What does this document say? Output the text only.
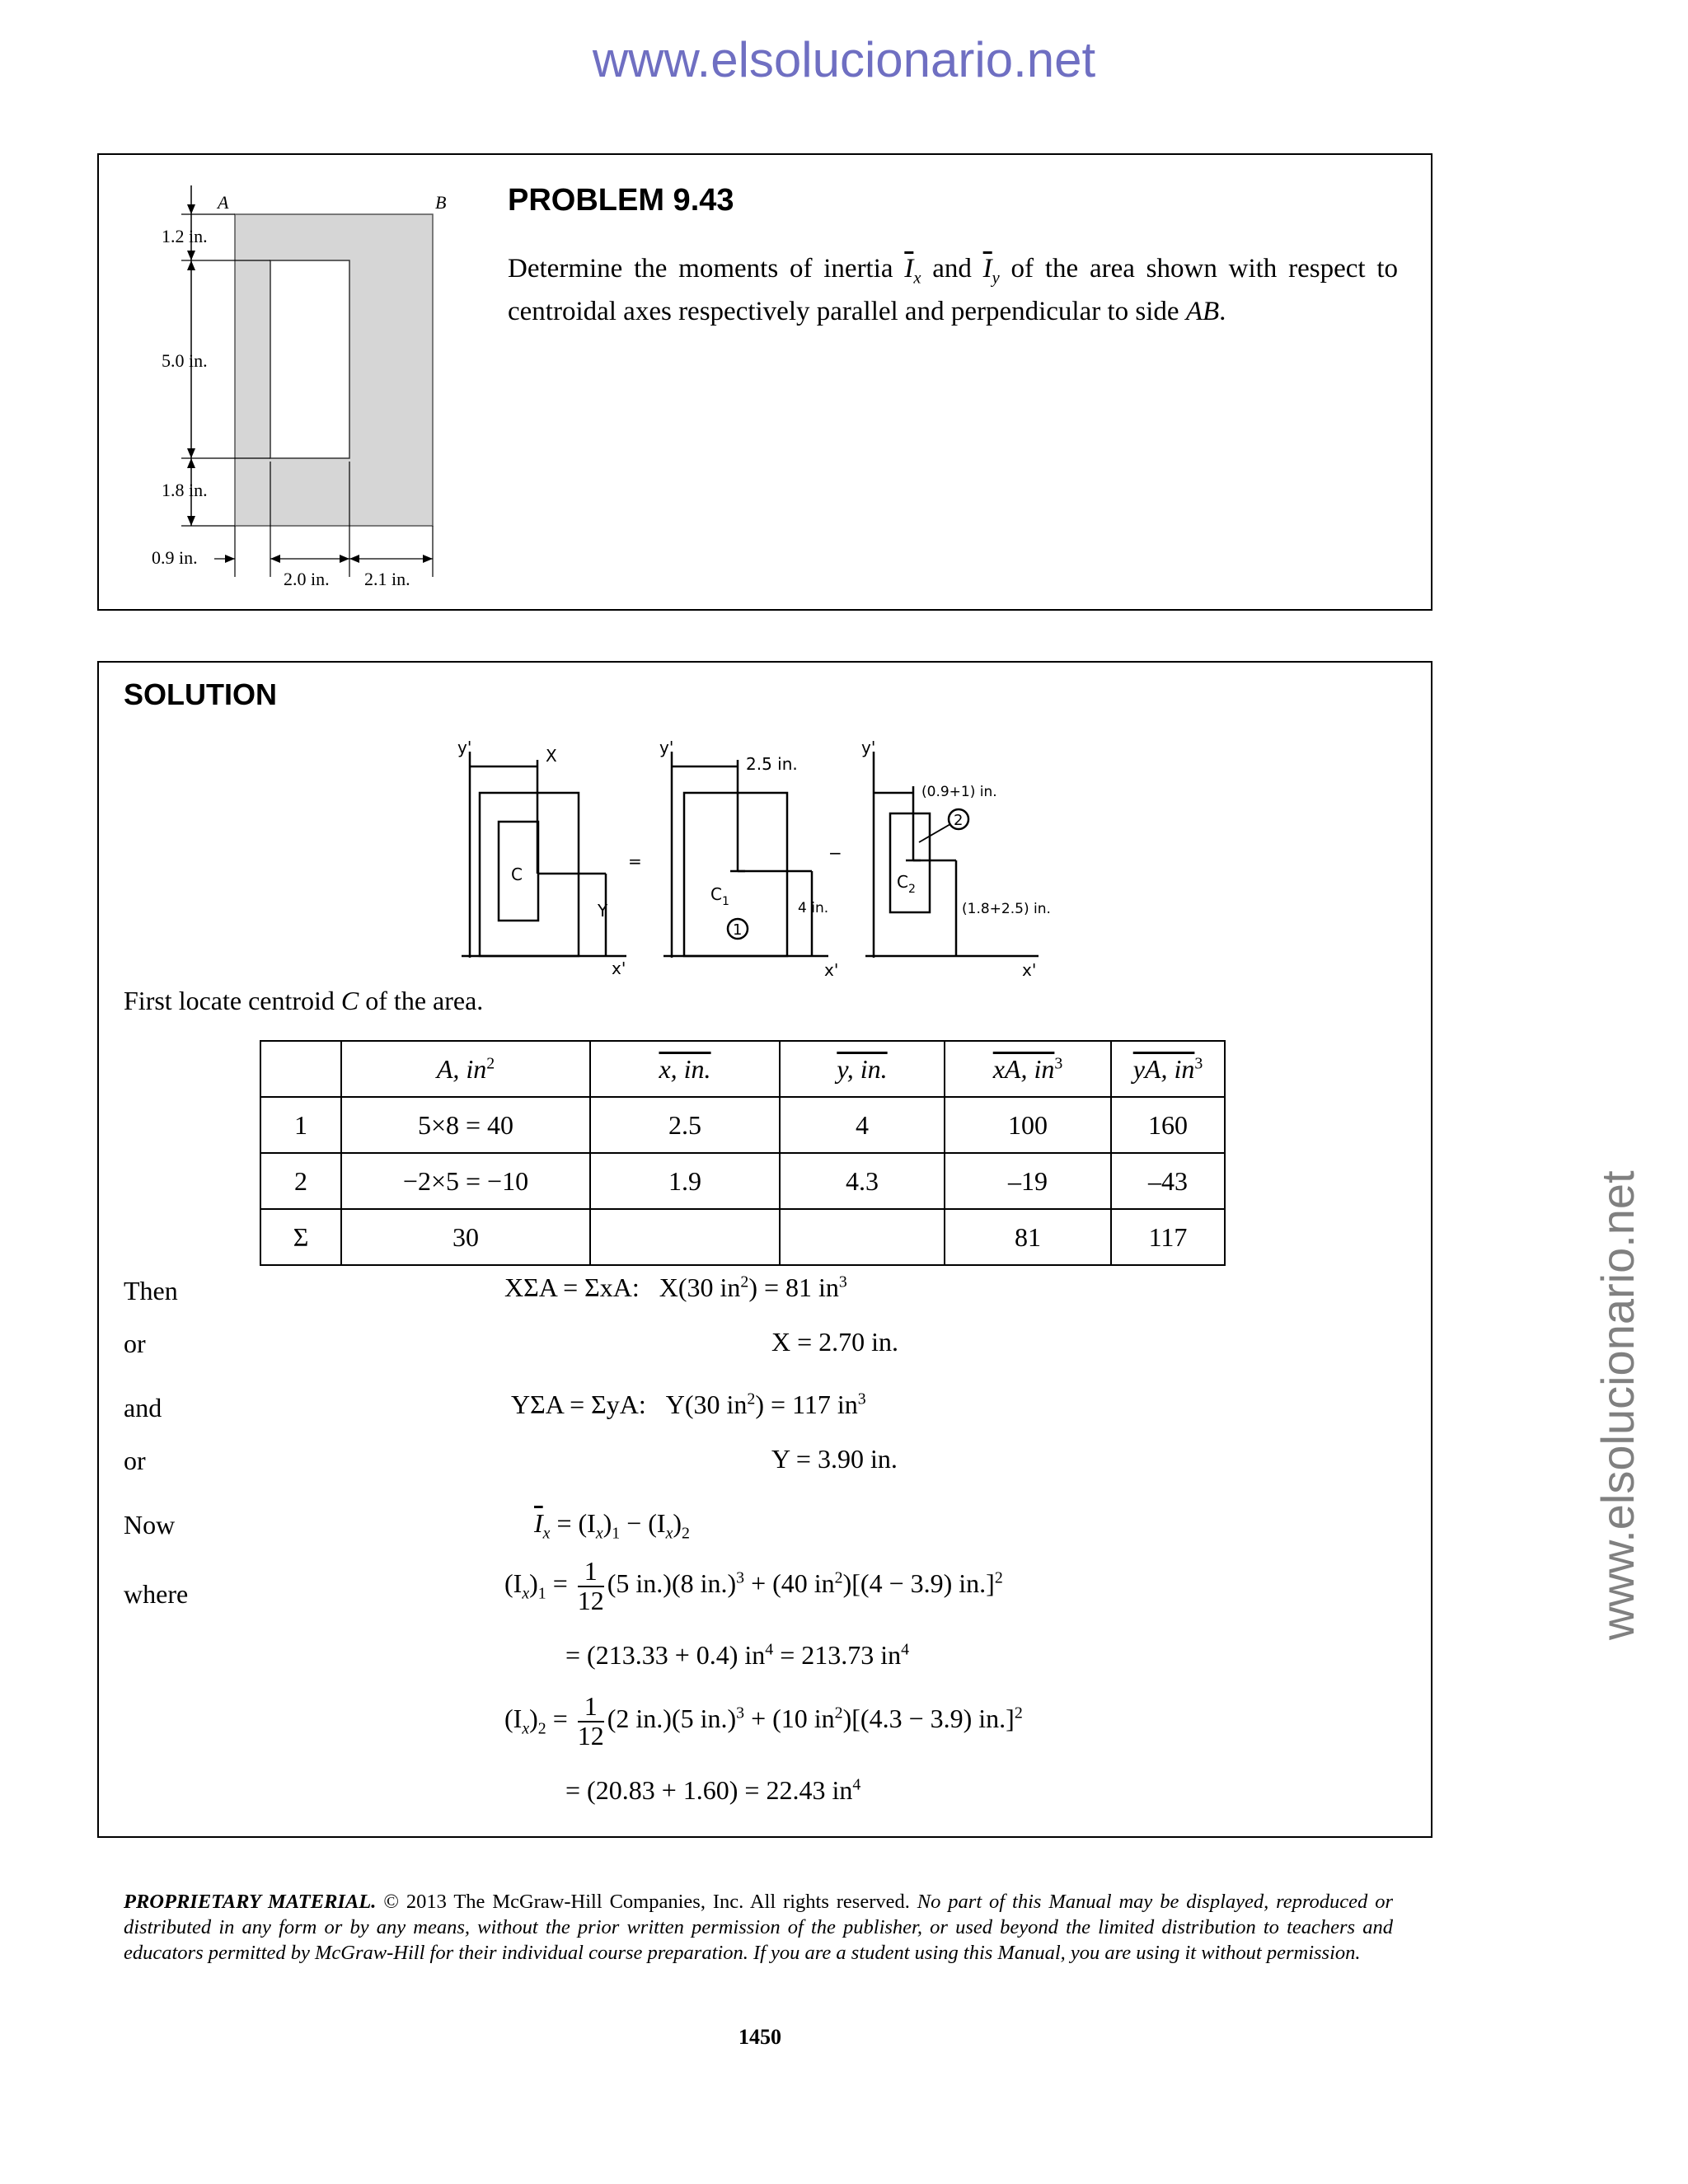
www.elsolucionario.net
www.elsolucionario.net
A	B
1.2 in.
5.0 in.
1.8 in.
0.9 in.
2.0 in. 2.1 in.
PROBLEM 9.43
Determine the moments of inertia $\overline{I}_x$ and $\overline{I}_y$ of the area shown with respect to centroidal axes respectively parallel and perpendicular to side AB.
SOLUTION
y'
Y
X
C
x'
=
y'
2.5 in.
C 1
1
4 in.
x'
−
y'
(0.9+1) in.
C 2
2
(1.8+2.5) in.
x'
First locate centroid C of the area.
	A, $in^2$	x, in.	y, in.	xA, $in^3$	yA, $in^3$
1	5×8 = 40	2.5	4	100	160
2	−2×5 = −10	1.9	4.3	–19	–43
Σ	30			81	117
Then
or
and
or
Now
where
XΣA = ΣxA: X(30 $in^2) = 81$ $in^3$
X = 2.70 in.
YΣA = ΣyA: Y(30 $in^2) = 117$ $in^3$
Y = 3.90 in.
$\overline{I}_x = (I_x)_1 - (I_x)_2$
$(I_x)_1 = \frac{1}{12} (5$ in.)(8 in.)$^3$ + (40 $in^2)[(4 - 3.9)$ in.]$^2$
= (213.33 + 0.4) $in^4 = 213.73$ $in^4$
$(I_x)_2 = \frac{1}{12} (2$ in.)(5 in.)$^3$ + (10 $in^2)[(4.3 - 3.9)$ in.]$^2$
= (20.83 + 1.60) = 22.43 $in^4$
PROPRIETARY MATERIAL. © 2013 The McGraw-Hill Companies, Inc. All rights reserved. No part of this Manual may be displayed, reproduced or distributed in any form or by any means, without the prior written permission of the publisher, or used beyond the limited distribution to teachers and educators permitted by McGraw-Hill for their individual course preparation. If you are a student using this Manual, you are using it without permission.
1450
